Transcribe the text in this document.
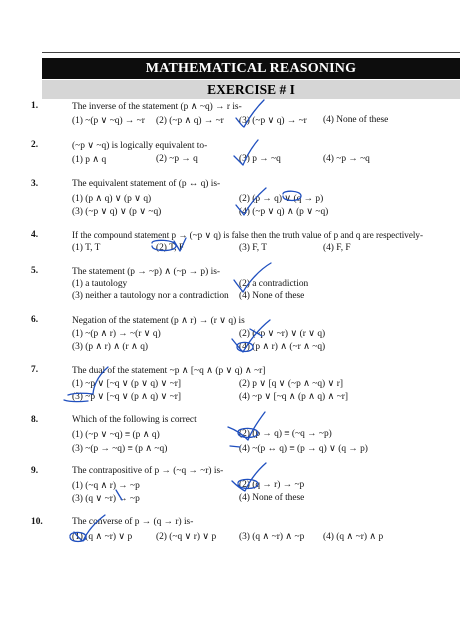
MATHEMATICAL REASONING
EXERCISE # I
1.	The inverse of the statement (p ∧ ~q) → r is-
(1) ~(p ∨ ~q) → ~r (2) (~p ∧ q) → ~r (3) (~p ∨ q) → ~r (4) None of these
2.	(~p ∨ ~q) is logically equivalent to-
(1) p ∧ q	(2) ~p → q	(3) p → ~q	(4) ~p → ~q
3.	The equivalent statement of (p ↔ q) is-
(1) (p ∧ q) ∨ (p ∨ q)	(2) (p → q) ∨ (q → p)
(3) (~p ∨ q) ∨ (p ∨ ~q)	(4) (~p ∨ q) ∧ (p ∨ ~q)
4.	If the compound statement p → (~p ∨ q) is false then the truth value of p and q are respectively-
(1) T, T	(2) T, F	(3) F, T	(4) F, F
5.	The statement (p → ~p) ∧ (~p → p) is-
(1) a tautology	(2) a contradiction
(3) neither a tautology nor a contradiction (4) None of these
6.	Negation of the statement (p ∧ r) → (r ∨ q) is
(1) ~(p ∧ r) → ~(r ∨ q)	(2) (~p ∨ ~r) ∨ (r ∨ q)
(3) (p ∧ r) ∧ (r ∧ q)	(4) (p ∧ r) ∧ (~r ∧ ~q)
7.	The dual of the statement ~p ∧ [~q ∧ (p ∨ q) ∧ ~r]
(1) ~p ∨ [~q ∨ (p ∨ q) ∨ ~r]	(2) p ∨ [q ∨ (~p ∧ ~q) ∨ r]
(3) ~p ∨ [~q ∨ (p ∧ q) ∨ ~r]	(4) ~p ∨ [~q ∧ (p ∧ q) ∧ ~r]
8.	Which of the following is correct
(1) (~p ∨ ~q) ≡ (p ∧ q)	(2) (p → q) ≡ (~q → ~p)
(3) ~(p → ~q) ≡ (p ∧ ~q)	(4) ~(p ↔ q) ≡ (p → q) ∨ (q → p)
9.	The contrapositive of p → (~q → ~r) is-
(1) (~q ∧ r) → ~p	(2) (q → r) → ~p
(3) (q ∨ ~r) → ~p	(4) None of these
10.	The converse of p → (q → r) is-
(1) (q ∧ ~r) ∨ p	(2) (~q ∨ r) ∨ p (3) (q ∧ ~r) ∧ ~p (4) (q ∧ ~r) ∧ p
